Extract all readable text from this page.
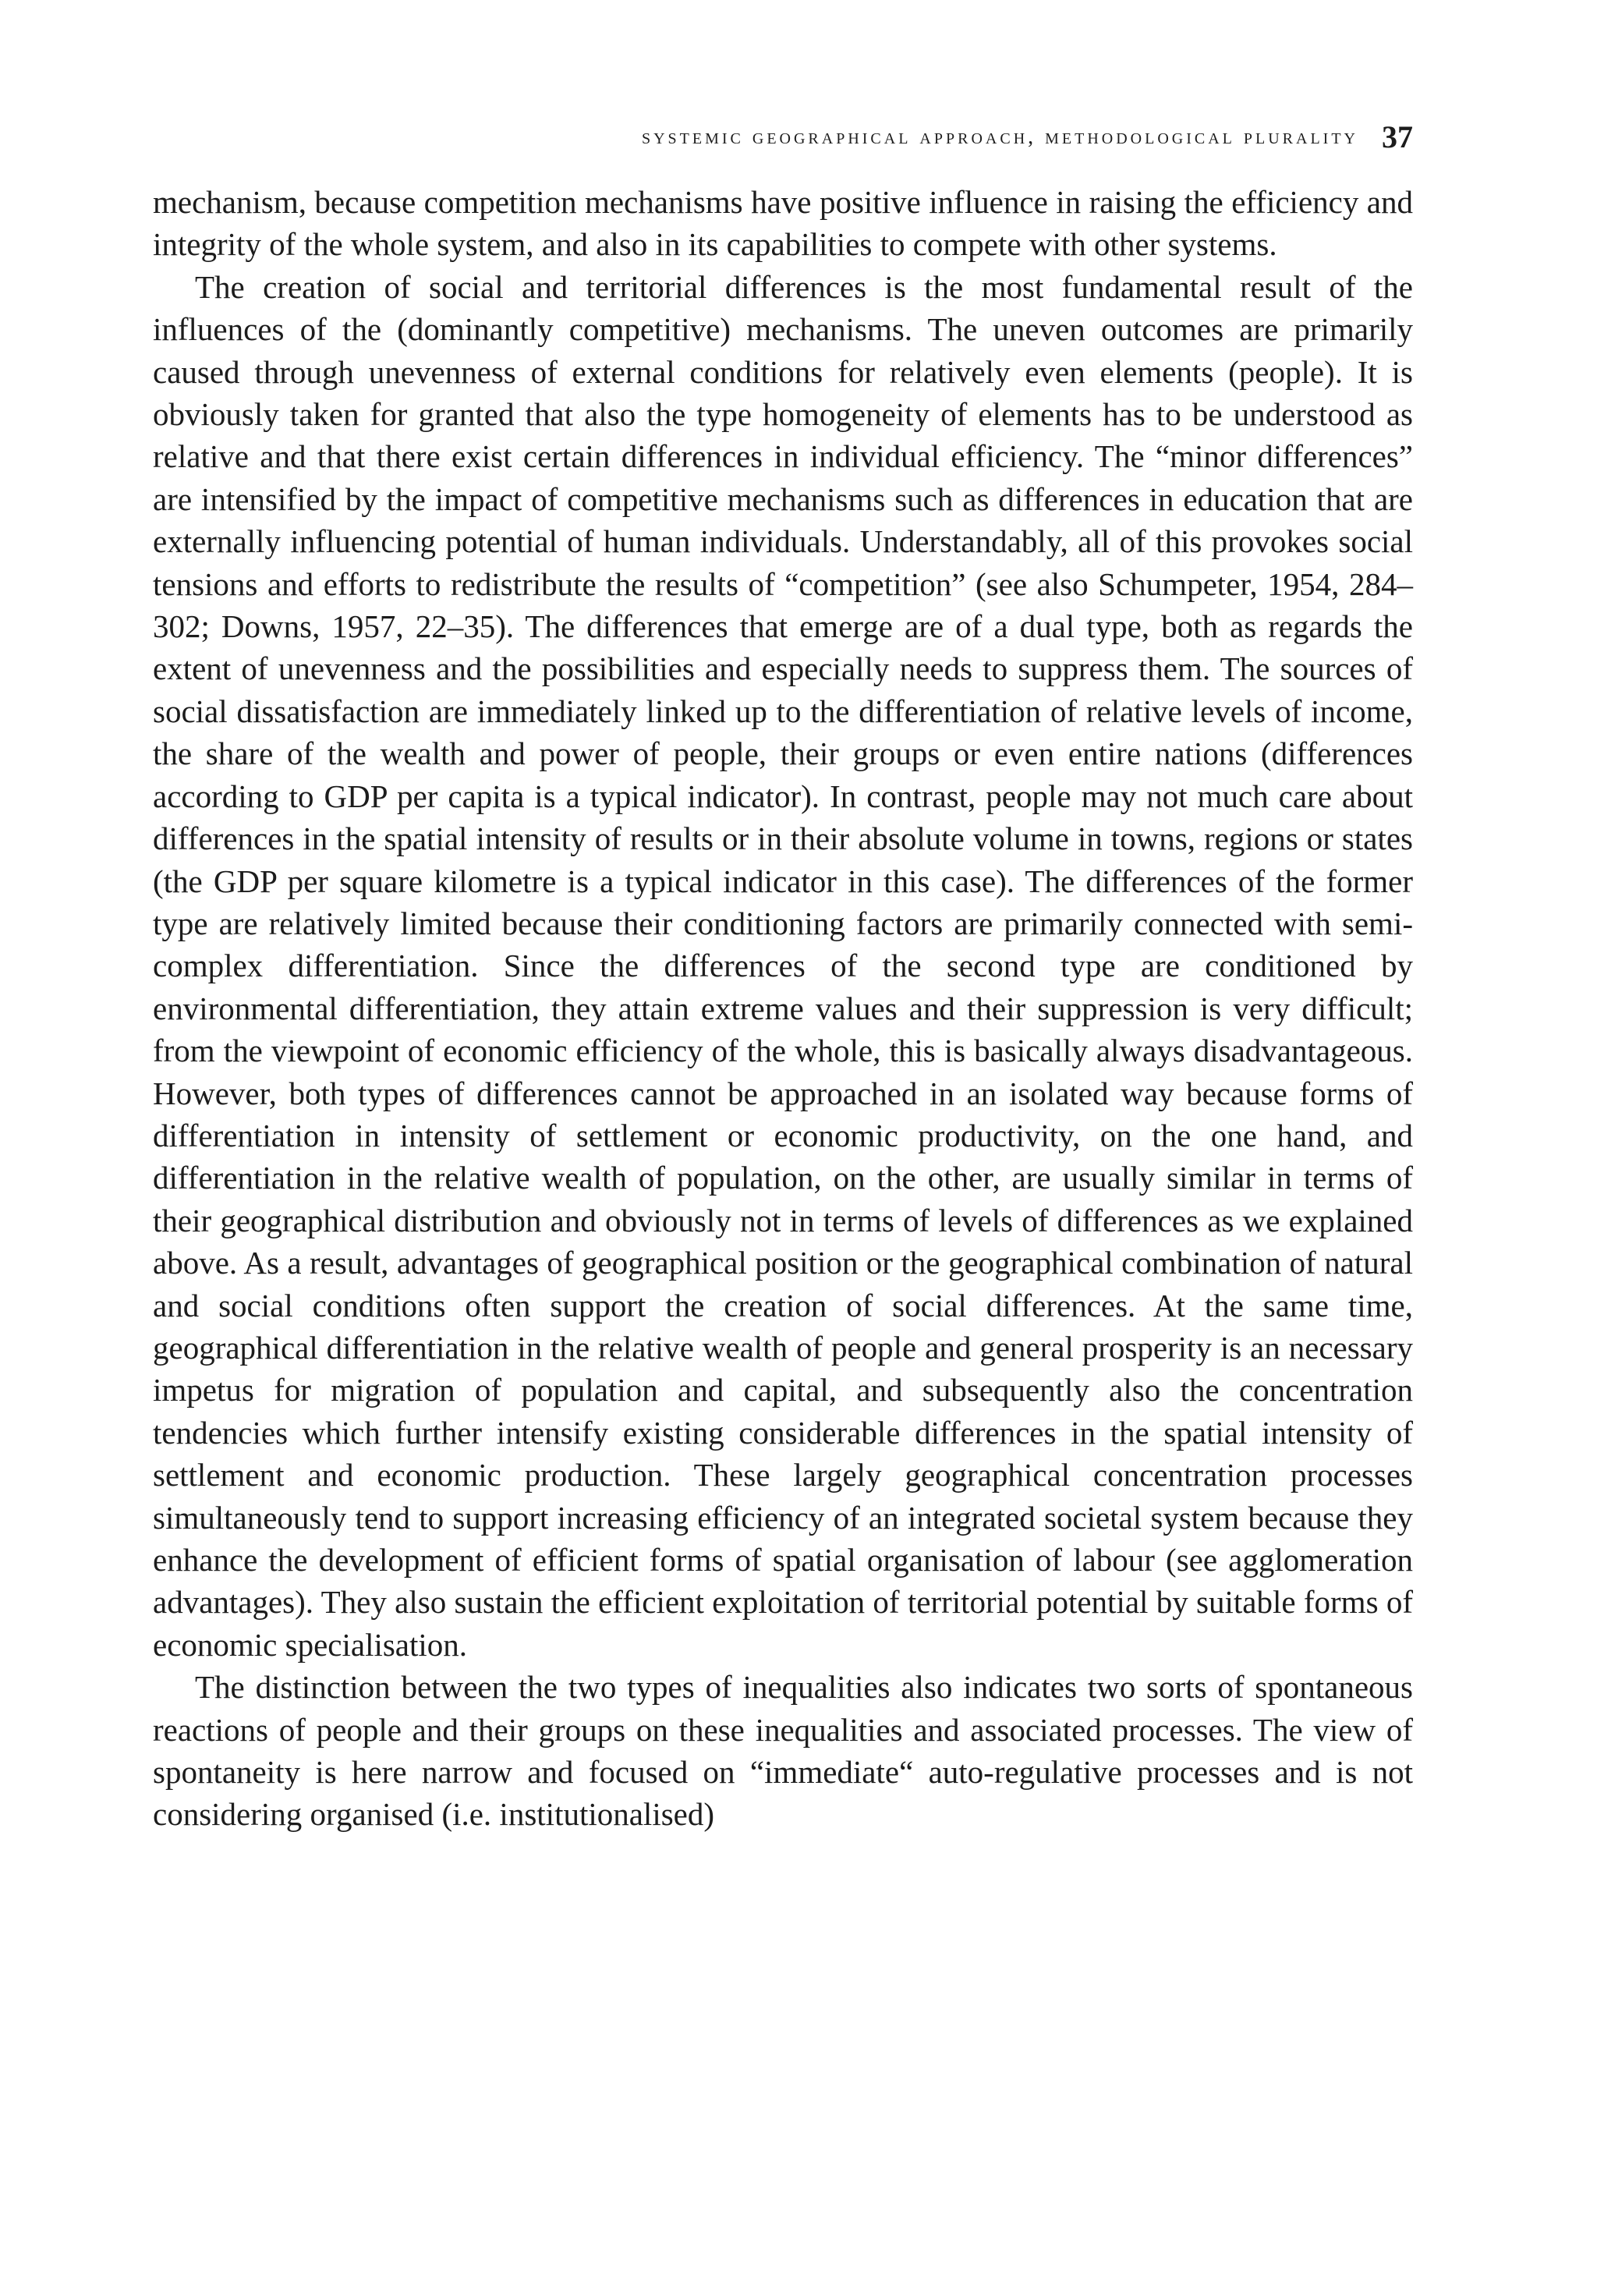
systemic geographical approach, methodological plurality 37

mechanism, because competition mechanisms have positive influence in raising the efficiency and integrity of the whole system, and also in its capabilities to compete with other systems.

The creation of social and territorial differences is the most fundamental result of the influences of the (dominantly competitive) mechanisms. The uneven outcomes are primarily caused through unevenness of external conditions for relatively even elements (people). It is obviously taken for granted that also the type homogeneity of elements has to be understood as relative and that there exist certain differences in individual efficiency. The “minor differences” are intensified by the impact of competitive mechanisms such as differences in education that are externally influencing potential of human individuals. Understandably, all of this provokes social tensions and efforts to redistribute the results of “competition” (see also Schumpeter, 1954, 284–302; Downs, 1957, 22–35). The differences that emerge are of a dual type, both as regards the extent of unevenness and the possibilities and especially needs to suppress them. The sources of social dissatisfaction are immediately linked up to the differentiation of relative levels of income, the share of the wealth and power of people, their groups or even entire nations (differences according to GDP per capita is a typical indicator). In contrast, people may not much care about differences in the spatial intensity of results or in their absolute volume in towns, regions or states (the GDP per square kilometre is a typical indicator in this case). The differences of the former type are relatively limited because their conditioning factors are primarily connected with semi-complex differentiation. Since the differences of the second type are conditioned by environmental differentiation, they attain extreme values and their suppression is very difficult; from the viewpoint of economic efficiency of the whole, this is basically always disadvantageous. However, both types of differences cannot be approached in an isolated way because forms of differentiation in intensity of settlement or economic productivity, on the one hand, and differentiation in the relative wealth of population, on the other, are usually similar in terms of their geographical distribution and obviously not in terms of levels of differences as we explained above. As a result, advantages of geographical position or the geographical combination of natural and social conditions often support the creation of social differences. At the same time, geographical differentiation in the relative wealth of people and general prosperity is an necessary impetus for migration of population and capital, and subsequently also the concentration tendencies which further intensify existing considerable differences in the spatial intensity of settlement and economic production. These largely geographical concentration processes simultaneously tend to support increasing efficiency of an integrated societal system because they enhance the development of efficient forms of spatial organisation of labour (see agglomeration advantages). They also sustain the efficient exploitation of territorial potential by suitable forms of economic specialisation.

The distinction between the two types of inequalities also indicates two sorts of spontaneous reactions of people and their groups on these inequalities and associated processes. The view of spontaneity is here narrow and focused on “immediate“ auto-regulative processes and is not considering organised (i.e. institutionalised)
